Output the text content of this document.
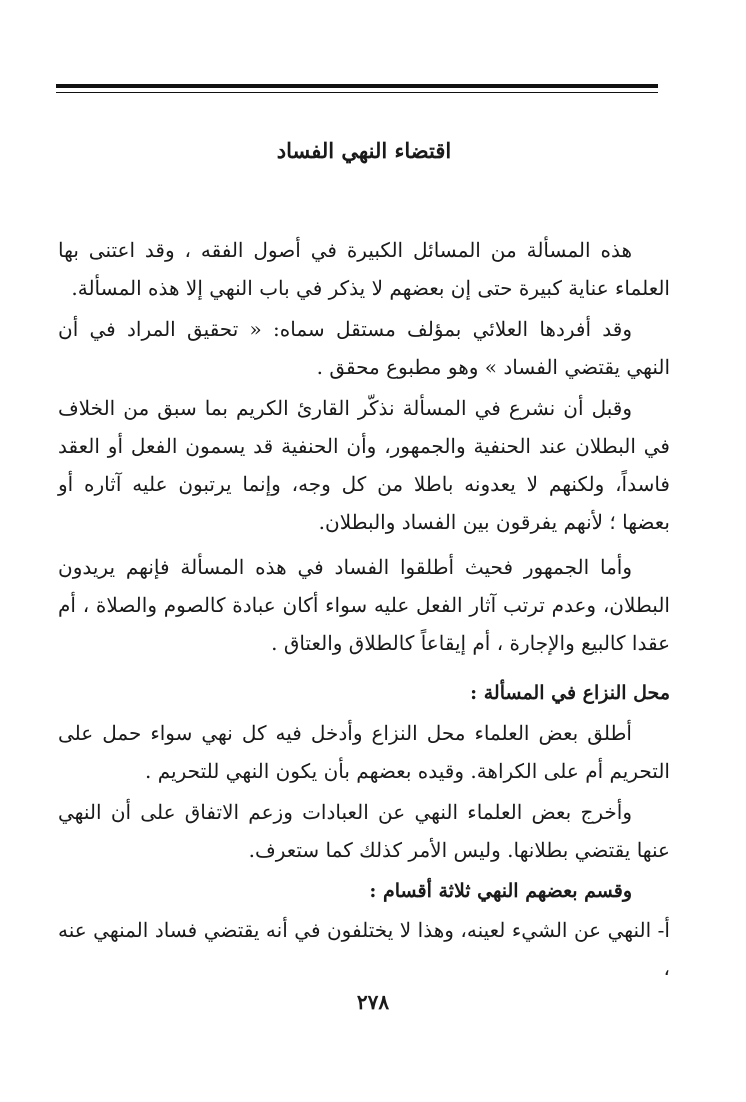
اقتضاء النهي الفساد

هذه المسألة من المسائل الكبيرة في أصول الفقه ، وقد اعتنى بها العلماء عناية كبيرة حتى إن بعضهم لا يذكر في باب النهي إلا هذه المسألة.

وقد أفردها العلائي بمؤلف مستقل سماه: « تحقيق المراد في أن النهي يقتضي الفساد » وهو مطبوع محقق .

وقبل أن نشرع في المسألة نذكّر القارئ الكريم بما سبق من الخلاف في البطلان عند الحنفية والجمهور، وأن الحنفية قد يسمون الفعل أو العقد فاسداً، ولكنهم لا يعدونه باطلا من كل وجه، وإنما يرتبون عليه آثاره أو بعضها ؛ لأنهم يفرقون بين الفساد والبطلان.

وأما الجمهور فحيث أطلقوا الفساد في هذه المسألة فإنهم يريدون البطلان، وعدم ترتب آثار الفعل عليه سواء أكان عبادة كالصوم والصلاة ، أم عقدا كالبيع والإجارة ، أم إيقاعاً كالطلاق والعتاق .

محل النزاع في المسألة :

أطلق بعض العلماء محل النزاع وأدخل فيه كل نهي سواء حمل على التحريم أم على الكراهة. وقيده بعضهم بأن يكون النهي للتحريم .

وأخرج بعض العلماء النهي عن العبادات وزعم الاتفاق على أن النهي عنها يقتضي بطلانها. وليس الأمر كذلك كما ستعرف.

وقسم بعضهم النهي ثلاثة أقسام :

أ- النهي عن الشيء لعينه، وهذا لا يختلفون في أنه يقتضي فساد المنهي عنه ،

٢٧٨
